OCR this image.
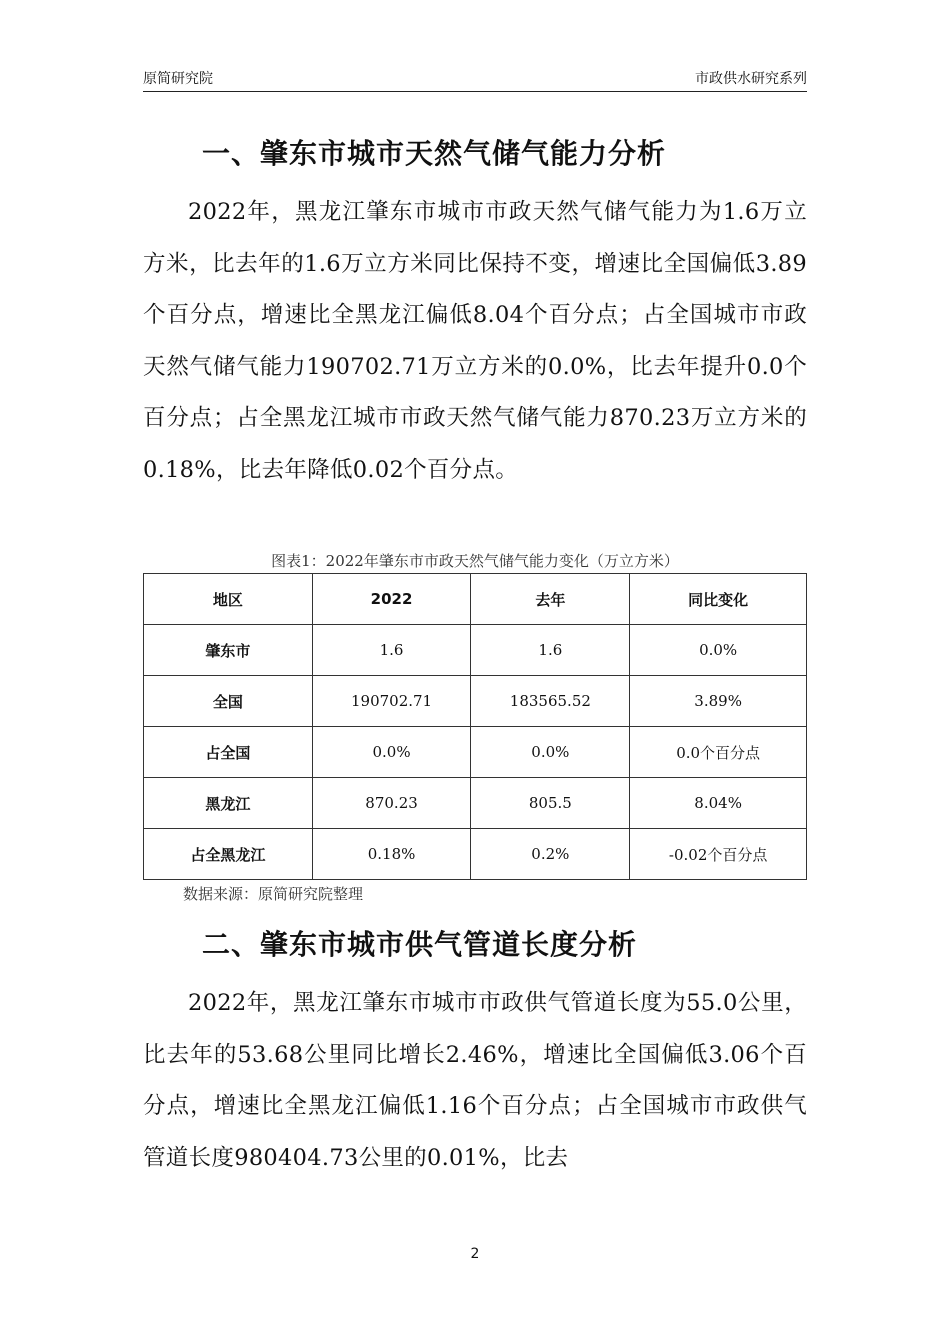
原简研究院	市政供水研究系列
一、肇东市城市天然气储气能力分析

2022年，黑龙江肇东市城市市政天然气储气能力为1.6万立方米，比去年的1.6万立方米同比保持不变，增速比全国偏低3.89个百分点，增速比全黑龙江偏低8.04个百分点；占全国城市市政天然气储气能力190702.71万立方米的0.0%，比去年提升0.0个百分点；占全黑龙江城市市政天然气储气能力870.23万立方米的0.18%，比去年降低0.02个百分点。

图表1：2022年肇东市市政天然气储气能力变化（万立方米）
地区	2022	去年	同比变化
肇东市	1.6	1.6	0.0%
全国	190702.71	183565.52	3.89%
占全国	0.0%	0.0%	0.0个百分点
黑龙江	870.23	805.5	8.04%
占全黑龙江	0.18%	0.2%	-0.02个百分点
数据来源：原简研究院整理
二、肇东市城市供气管道长度分析

2022年，黑龙江肇东市城市市政供气管道长度为55.0公里，比去年的53.68公里同比增长2.46%，增速比全国偏低3.06个百分点，增速比全黑龙江偏低1.16个百分点；占全国城市市政供气管道长度980404.73公里的0.01%，比去

2
